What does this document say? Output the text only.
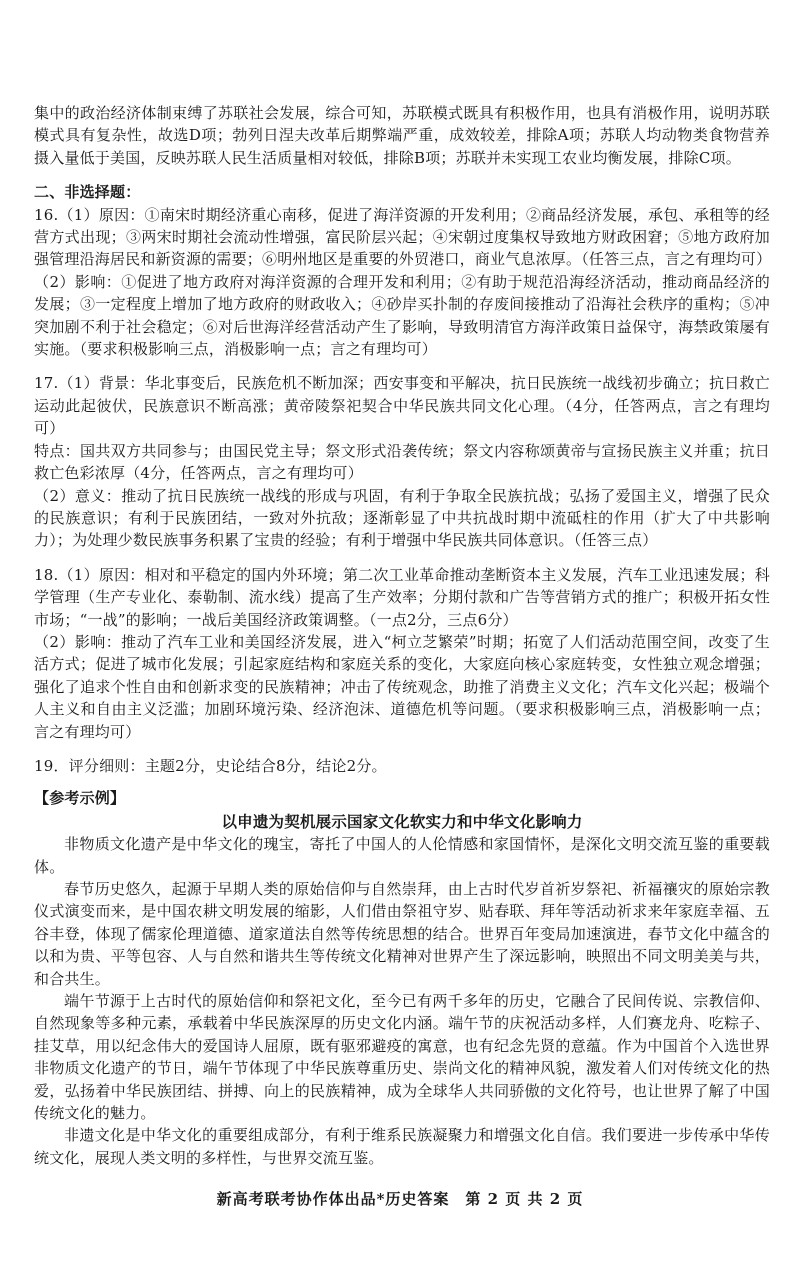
集中的政治经济体制束缚了苏联社会发展，综合可知，苏联模式既具有积极作用，也具有消极作用，说明苏联模式具有复杂性，故选D项；勃列日涅夫改革后期弊端严重，成效较差，排除A项；苏联人均动物类食物营养摄入量低于美国，反映苏联人民生活质量相对较低，排除B项；苏联并未实现工农业均衡发展，排除C项。

二、非选择题：

16.（1）原因：①南宋时期经济重心南移，促进了海洋资源的开发利用；②商品经济发展，承包、承租等的经营方式出现；③两宋时期社会流动性增强，富民阶层兴起；④宋朝过度集权导致地方财政困窘；⑤地方政府加强管理沿海居民和新资源的需要；⑥明州地区是重要的外贸港口，商业气息浓厚。（任答三点，言之有理均可）

（2）影响：①促进了地方政府对海洋资源的合理开发和利用；②有助于规范沿海经济活动，推动商品经济的发展；③一定程度上增加了地方政府的财政收入；④砂岸买扑制的存废间接推动了沿海社会秩序的重构；⑤冲突加剧不利于社会稳定；⑥对后世海洋经营活动产生了影响，导致明清官方海洋政策日益保守，海禁政策屡有实施。（要求积极影响三点，消极影响一点；言之有理均可）

17.（1）背景：华北事变后，民族危机不断加深；西安事变和平解决，抗日民族统一战线初步确立；抗日救亡运动此起彼伏，民族意识不断高涨；黄帝陵祭祀契合中华民族共同文化心理。（4分，任答两点，言之有理均可）

特点：国共双方共同参与；由国民党主导；祭文形式沿袭传统；祭文内容称颂黄帝与宣扬民族主义并重；抗日救亡色彩浓厚（4分，任答两点，言之有理均可）

（2）意义：推动了抗日民族统一战线的形成与巩固，有利于争取全民族抗战；弘扬了爱国主义，增强了民众的民族意识；有利于民族团结，一致对外抗敌；逐渐彰显了中共抗战时期中流砥柱的作用（扩大了中共影响力）；为处理少数民族事务积累了宝贵的经验；有利于增强中华民族共同体意识。（任答三点）

18.（1）原因：相对和平稳定的国内外环境；第二次工业革命推动垄断资本主义发展，汽车工业迅速发展；科学管理（生产专业化、泰勒制、流水线）提高了生产效率；分期付款和广告等营销方式的推广；积极开拓女性市场；“一战”的影响；一战后美国经济政策调整。（一点2分，三点6分）

（2）影响：推动了汽车工业和美国经济发展，进入“柯立芝繁荣”时期；拓宽了人们活动范围空间，改变了生活方式；促进了城市化发展；引起家庭结构和家庭关系的变化，大家庭向核心家庭转变，女性独立观念增强；强化了追求个性自由和创新求变的民族精神；冲击了传统观念，助推了消费主义文化；汽车文化兴起；极端个人主义和自由主义泛滥；加剧环境污染、经济泡沫、道德危机等问题。（要求积极影响三点，消极影响一点；言之有理均可）

19．评分细则：主题2分，史论结合8分，结论2分。

【参考示例】

以申遗为契机展示国家文化软实力和中华文化影响力

非物质文化遗产是中华文化的瑰宝，寄托了中国人的人伦情感和家国情怀，是深化文明交流互鉴的重要载体。

春节历史悠久，起源于早期人类的原始信仰与自然崇拜，由上古时代岁首祈岁祭祀、祈福禳灾的原始宗教仪式演变而来，是中国农耕文明发展的缩影，人们借由祭祖守岁、贴春联、拜年等活动祈求来年家庭幸福、五谷丰登，体现了儒家伦理道德、道家道法自然等传统思想的结合。世界百年变局加速演进，春节文化中蕴含的以和为贵、平等包容、人与自然和谐共生等传统文化精神对世界产生了深远影响，映照出不同文明美美与共，和合共生。

端午节源于上古时代的原始信仰和祭祀文化，至今已有两千多年的历史，它融合了民间传说、宗教信仰、自然现象等多种元素，承载着中华民族深厚的历史文化内涵。端午节的庆祝活动多样，人们赛龙舟、吃粽子、挂艾草，用以纪念伟大的爱国诗人屈原，既有驱邪避疫的寓意，也有纪念先贤的意蕴。作为中国首个入选世界非物质文化遗产的节日，端午节体现了中华民族尊重历史、崇尚文化的精神风貌，激发着人们对传统文化的热爱，弘扬着中华民族团结、拼搏、向上的民族精神，成为全球华人共同骄傲的文化符号，也让世界了解了中国传统文化的魅力。

非遗文化是中华文化的重要组成部分，有利于维系民族凝聚力和增强文化自信。我们要进一步传承中华传统文化，展现人类文明的多样性，与世界交流互鉴。

新高考联考协作体出品*历史答案　第 2 页 共 2 页
